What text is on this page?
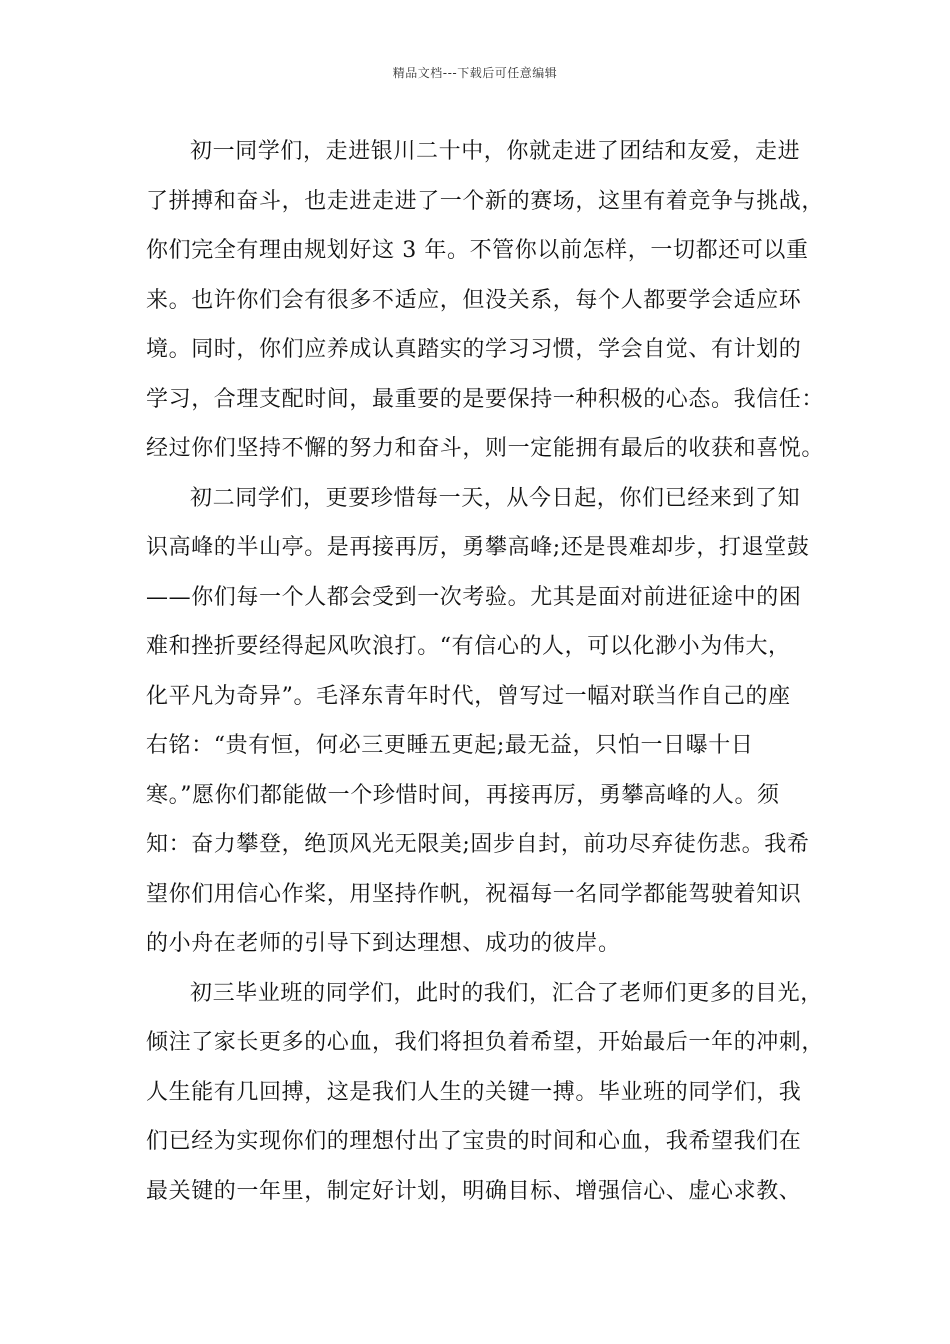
精品文档---下载后可任意编辑
初一同学们，走进银川二十中，你就走进了团结和友爱，走进
了拼搏和奋斗，也走进走进了一个新的赛场，这里有着竞争与挑战，
你们完全有理由规划好这 3 年。不管你以前怎样，一切都还可以重
来。也许你们会有很多不适应，但没关系，每个人都要学会适应环
境。同时，你们应养成认真踏实的学习习惯，学会自觉、有计划的
学习，合理支配时间，最重要的是要保持一种积极的心态。我信任：
经过你们坚持不懈的努力和奋斗，则一定能拥有最后的收获和喜悦。
初二同学们，更要珍惜每一天，从今日起，你们已经来到了知
识高峰的半山亭。是再接再厉，勇攀高峰;还是畏难却步，打退堂鼓
——你们每一个人都会受到一次考验。尤其是面对前进征途中的困
难和挫折要经得起风吹浪打。“有信心的人，可以化渺小为伟大，
化平凡为奇异”。毛泽东青年时代，曾写过一幅对联当作自己的座
右铭：“贵有恒，何必三更睡五更起;最无益，只怕一日曝十日
寒。”愿你们都能做一个珍惜时间，再接再厉，勇攀高峰的人。须
知：奋力攀登，绝顶风光无限美;固步自封，前功尽弃徒伤悲。我希
望你们用信心作桨，用坚持作帆，祝福每一名同学都能驾驶着知识
的小舟在老师的引导下到达理想、成功的彼岸。
初三毕业班的同学们，此时的我们，汇合了老师们更多的目光，
倾注了家长更多的心血，我们将担负着希望，开始最后一年的冲刺，
人生能有几回搏，这是我们人生的关键一搏。毕业班的同学们，我
们已经为实现你们的理想付出了宝贵的时间和心血，我希望我们在
最关键的一年里，制定好计划，明确目标、增强信心、虚心求教、
